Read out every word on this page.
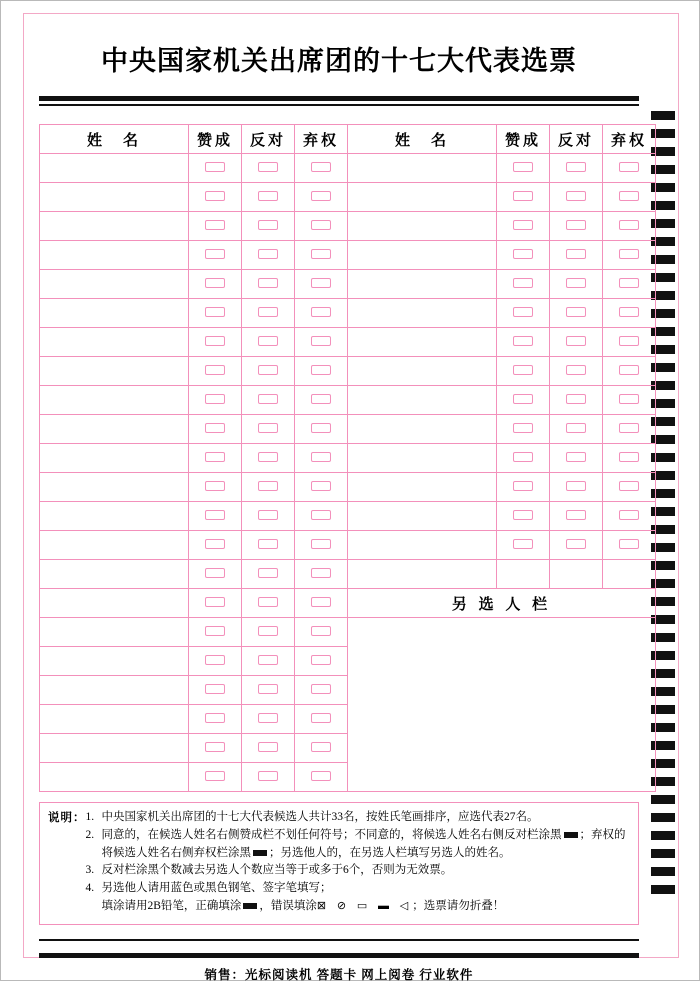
中央国家机关出席团的十七大代表选票
姓　名	赞成	反对	弃权	姓　名	赞成	反对	弃权

				另 选 人 栏			

说明： 1. 中央国家机关出席团的十七大代表候选人共计33名，按姓氏笔画排序，应选代表27名。
2. 同意的，在候选人姓名右侧赞成栏不划任何符号；不同意的，将候选人姓名右侧反对栏涂黑 ；弃权的将候选人姓名右侧弃权栏涂黑 ；另选他人的，在另选人栏填写另选人的姓名。
3. 反对栏涂黑个数减去另选人个数应当等于或多于6个，否则为无效票。
4. 另选他人请用蓝色或黑色钢笔、签字笔填写；
填涂请用2B铅笔，正确填涂 ，错误填涂⊠ ⊘ ▭ ▬ ◁；选票请勿折叠！
销售：光标阅读机 答题卡 网上阅卷 行业软件
